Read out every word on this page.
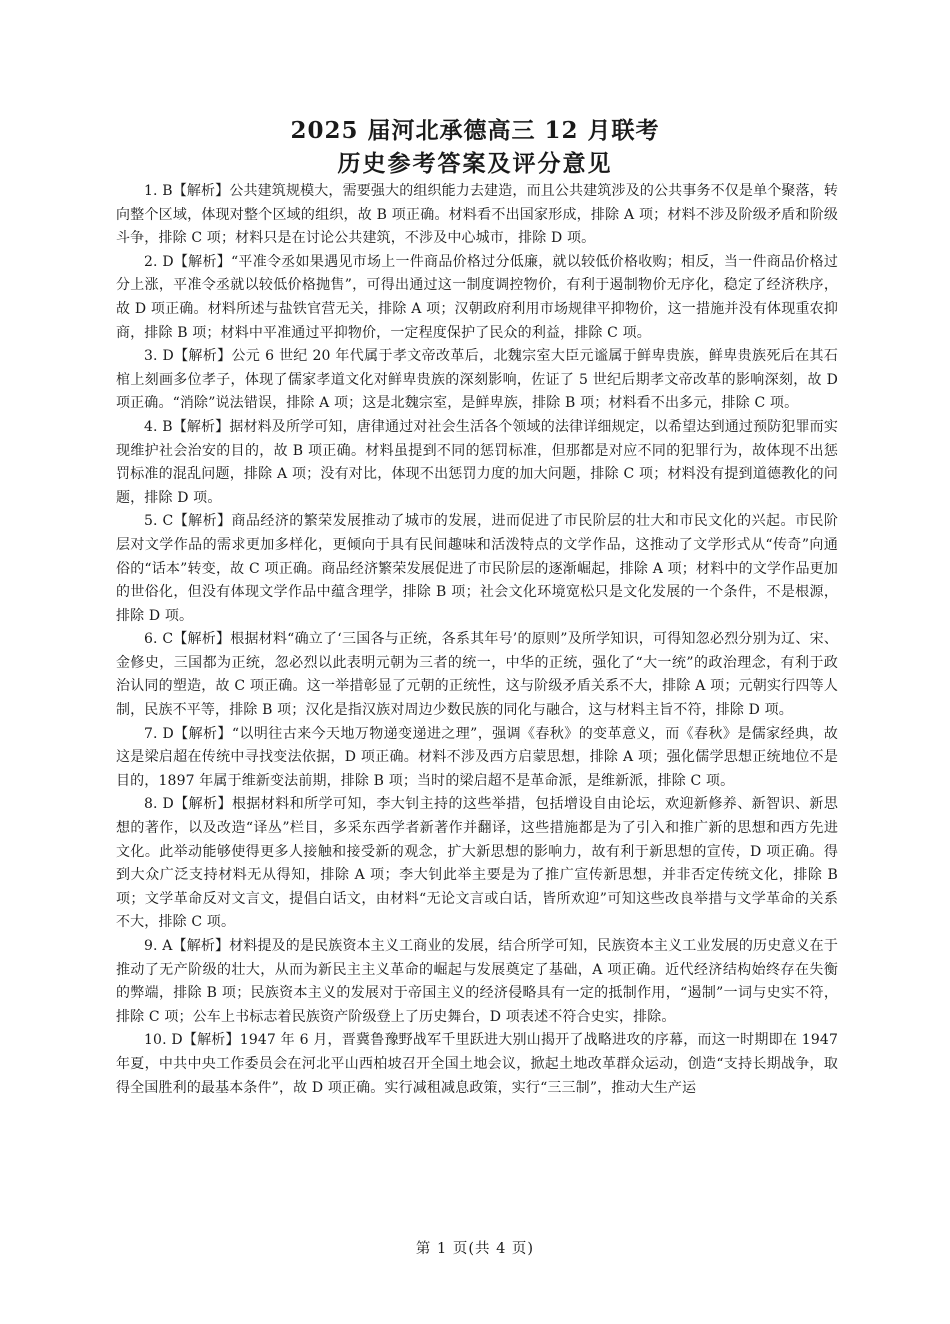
2025 届河北承德高三 12 月联考
历史参考答案及评分意见

1. B【解析】公共建筑规模大，需要强大的组织能力去建造，而且公共建筑涉及的公共事务不仅是单个聚落，转向整个区域，体现对整个区域的组织，故 B 项正确。材料看不出国家形成，排除 A 项；材料不涉及阶级矛盾和阶级斗争，排除 C 项；材料只是在讨论公共建筑，不涉及中心城市，排除 D 项。

2. D【解析】“平准令丞如果遇见市场上一件商品价格过分低廉，就以较低价格收购；相反，当一件商品价格过分上涨，平准令丞就以较低价格抛售”，可得出通过这一制度调控物价，有利于遏制物价无序化，稳定了经济秩序，故 D 项正确。材料所述与盐铁官营无关，排除 A 项；汉朝政府利用市场规律平抑物价，这一措施并没有体现重农抑商，排除 B 项；材料中平准通过平抑物价，一定程度保护了民众的利益，排除 C 项。

3. D【解析】公元 6 世纪 20 年代属于孝文帝改革后，北魏宗室大臣元谧属于鲜卑贵族，鲜卑贵族死后在其石棺上刻画多位孝子，体现了儒家孝道文化对鲜卑贵族的深刻影响，佐证了 5 世纪后期孝文帝改革的影响深刻，故 D 项正确。“消除”说法错误，排除 A 项；这是北魏宗室，是鲜卑族，排除 B 项；材料看不出多元，排除 C 项。

4. B【解析】据材料及所学可知，唐律通过对社会生活各个领域的法律详细规定，以希望达到通过预防犯罪而实现维护社会治安的目的，故 B 项正确。材料虽提到不同的惩罚标准，但那都是对应不同的犯罪行为，故体现不出惩罚标准的混乱问题，排除 A 项；没有对比，体现不出惩罚力度的加大问题，排除 C 项；材料没有提到道德教化的问题，排除 D 项。

5. C【解析】商品经济的繁荣发展推动了城市的发展，进而促进了市民阶层的壮大和市民文化的兴起。市民阶层对文学作品的需求更加多样化，更倾向于具有民间趣味和活泼特点的文学作品，这推动了文学形式从“传奇”向通俗的“话本”转变，故 C 项正确。商品经济繁荣发展促进了市民阶层的逐渐崛起，排除 A 项；材料中的文学作品更加的世俗化，但没有体现文学作品中蕴含理学，排除 B 项；社会文化环境宽松只是文化发展的一个条件，不是根源，排除 D 项。

6. C【解析】根据材料“确立了‘三国各与正统，各系其年号’的原则”及所学知识，可得知忽必烈分别为辽、宋、金修史，三国都为正统，忽必烈以此表明元朝为三者的统一，中华的正统，强化了“大一统”的政治理念，有利于政治认同的塑造，故 C 项正确。这一举措彰显了元朝的正统性，这与阶级矛盾关系不大，排除 A 项；元朝实行四等人制，民族不平等，排除 B 项；汉化是指汉族对周边少数民族的同化与融合，这与材料主旨不符，排除 D 项。

7. D【解析】“以明往古来今天地万物递变递进之理”，强调《春秋》的变革意义，而《春秋》是儒家经典，故这是梁启超在传统中寻找变法依据，D 项正确。材料不涉及西方启蒙思想，排除 A 项；强化儒学思想正统地位不是目的，1897 年属于维新变法前期，排除 B 项；当时的梁启超不是革命派，是维新派，排除 C 项。

8. D【解析】根据材料和所学可知，李大钊主持的这些举措，包括增设自由论坛，欢迎新修养、新智识、新思想的著作，以及改造“译丛”栏目，多采东西学者新著作并翻译，这些措施都是为了引入和推广新的思想和西方先进文化。此举动能够使得更多人接触和接受新的观念，扩大新思想的影响力，故有利于新思想的宣传，D 项正确。得到大众广泛支持材料无从得知，排除 A 项；李大钊此举主要是为了推广宣传新思想，并非否定传统文化，排除 B 项；文学革命反对文言文，提倡白话文，由材料“无论文言或白话，皆所欢迎”可知这些改良举措与文学革命的关系不大，排除 C 项。

9. A【解析】材料提及的是民族资本主义工商业的发展，结合所学可知，民族资本主义工业发展的历史意义在于推动了无产阶级的壮大，从而为新民主主义革命的崛起与发展奠定了基础，A 项正确。近代经济结构始终存在失衡的弊端，排除 B 项；民族资本主义的发展对于帝国主义的经济侵略具有一定的抵制作用，“遏制”一词与史实不符，排除 C 项；公车上书标志着民族资产阶级登上了历史舞台，D 项表述不符合史实，排除。

10. D【解析】1947 年 6 月，晋冀鲁豫野战军千里跃进大别山揭开了战略进攻的序幕，而这一时期即在 1947 年夏，中共中央工作委员会在河北平山西柏坡召开全国土地会议，掀起土地改革群众运动，创造“支持长期战争，取得全国胜利的最基本条件”，故 D 项正确。实行减租减息政策，实行“三三制”，推动大生产运

第 1 页(共 4 页)
